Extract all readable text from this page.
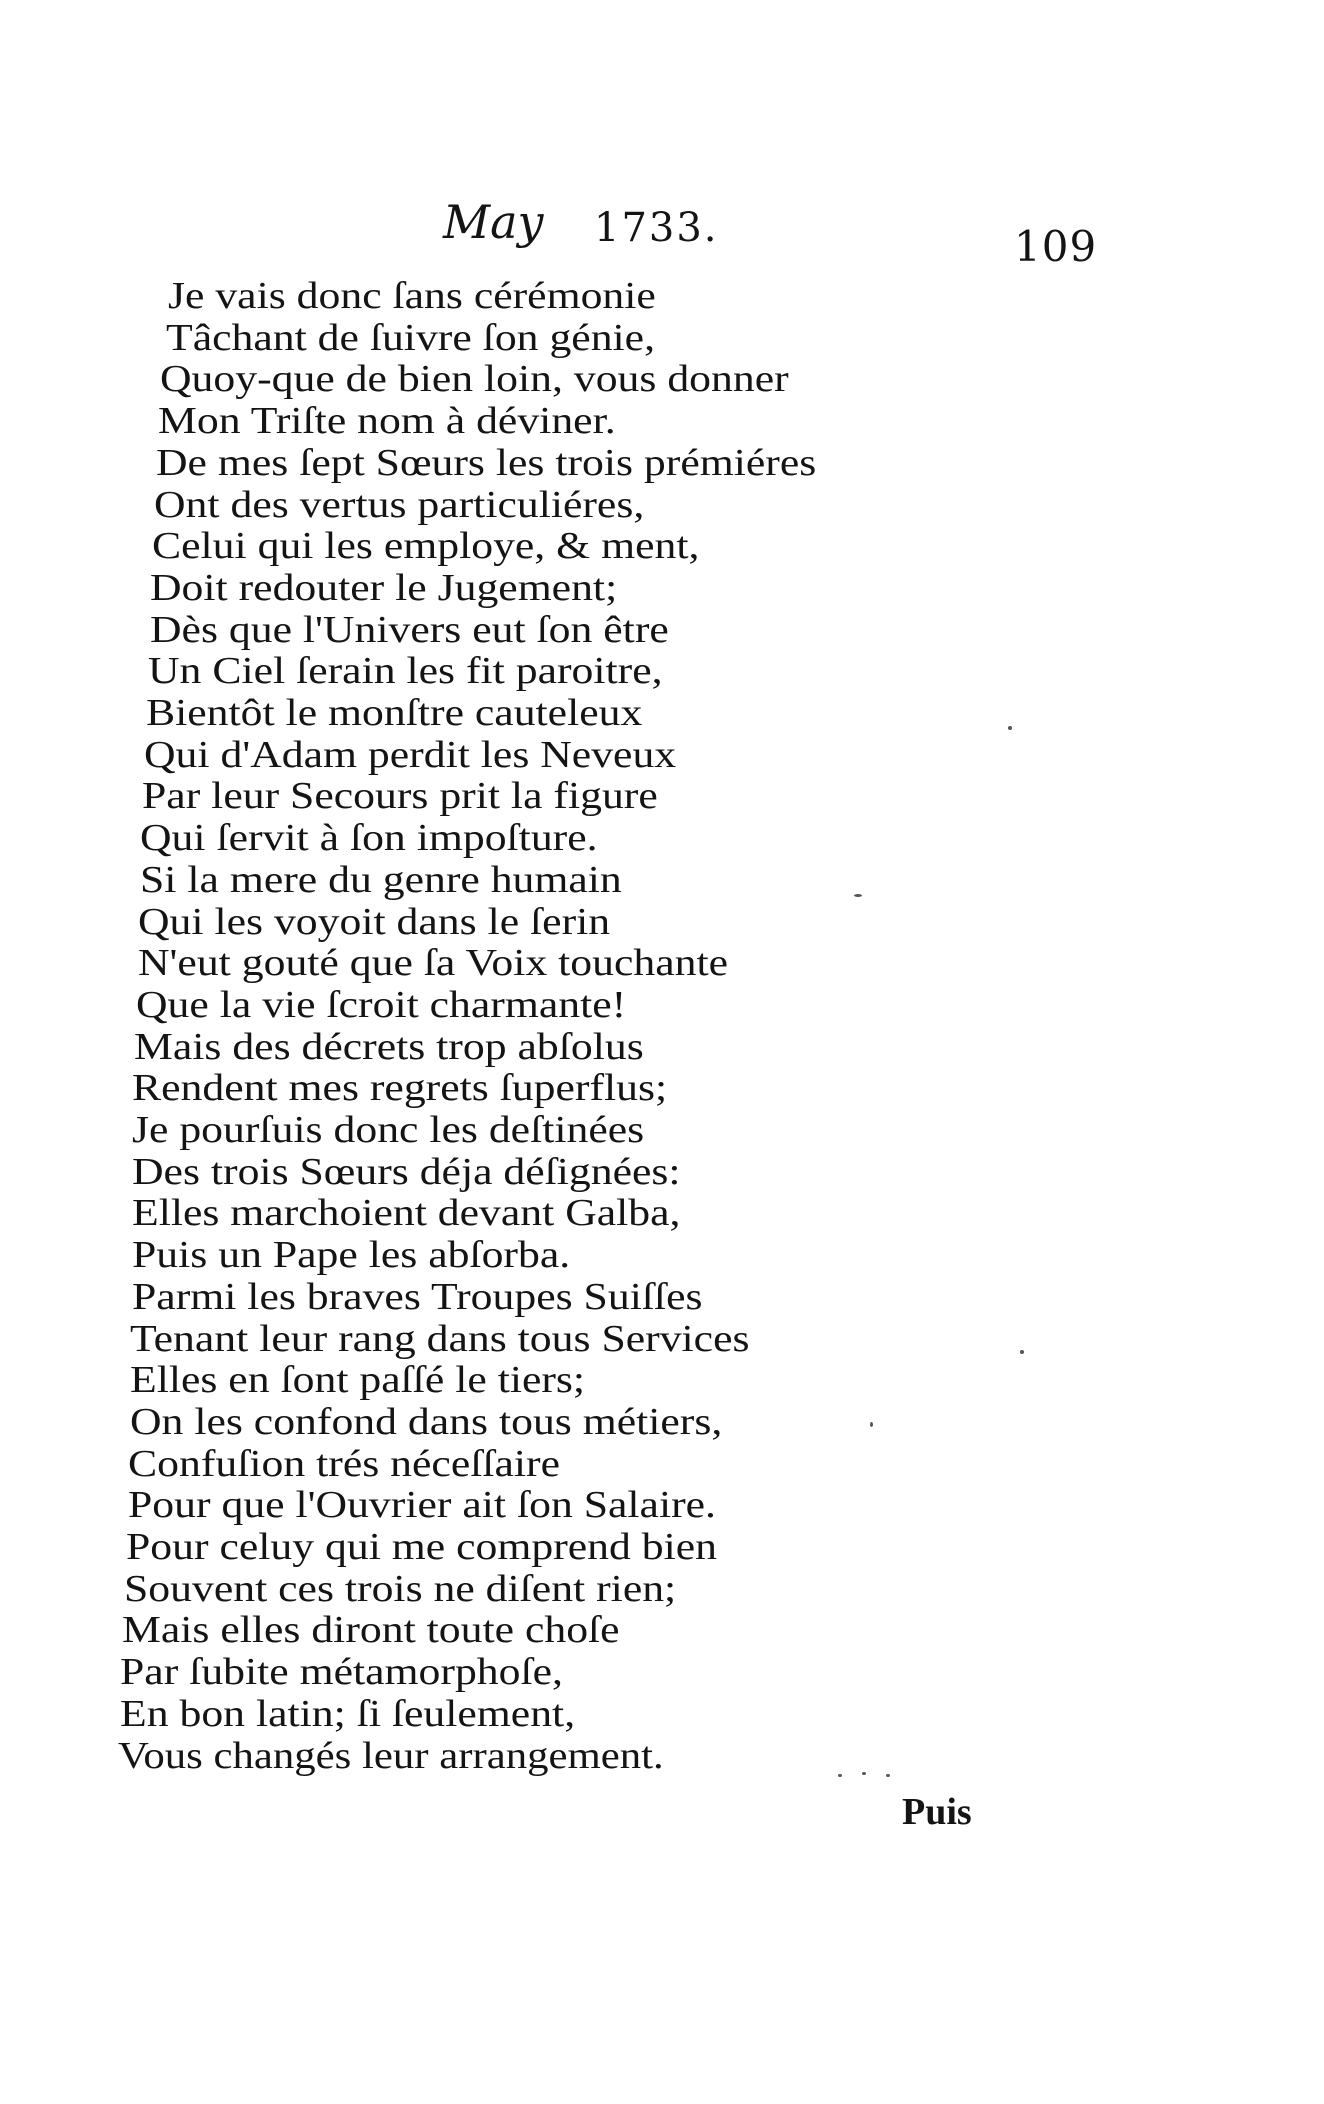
May 1733.	109
Je vais donc ſans cérémonie
Tâchant de ſuivre ſon génie,
Quoy-que de bien loin, vous donner
Mon Triſte nom à déviner.
De mes ſept Sœurs les trois prémiéres
Ont des vertus particuliéres,
Celui qui les employe, & ment,
Doit redouter le Jugement;
Dès que l'Univers eut ſon être
Un Ciel ſerain les fit paroitre,
Bientôt le monſtre cauteleux
Qui d'Adam perdit les Neveux
Par leur Secours prit la figure
Qui ſervit à ſon impoſture.
Si la mere du genre humain
Qui les voyoit dans le ſerin
N'eut gouté que ſa Voix touchante
Que la vie ſcroit charmante!
Mais des décrets trop abſolus
Rendent mes regrets ſuperflus;
Je pourſuis donc les deſtinées
Des trois Sœurs déja déſignées:
Elles marchoient devant Galba,
Puis un Pape les abſorba.
Parmi les braves Troupes Suiſſes
Tenant leur rang dans tous Services
Elles en ſont paſſé le tiers;
On les confond dans tous métiers,
Confuſion trés néceſſaire
Pour que l'Ouvrier ait ſon Salaire.
Pour celuy qui me comprend bien
Souvent ces trois ne diſent rien;
Mais elles diront toute choſe
Par ſubite métamorphoſe,
En bon latin; ſi ſeulement,
Vous changés leur arrangement.
Puis
